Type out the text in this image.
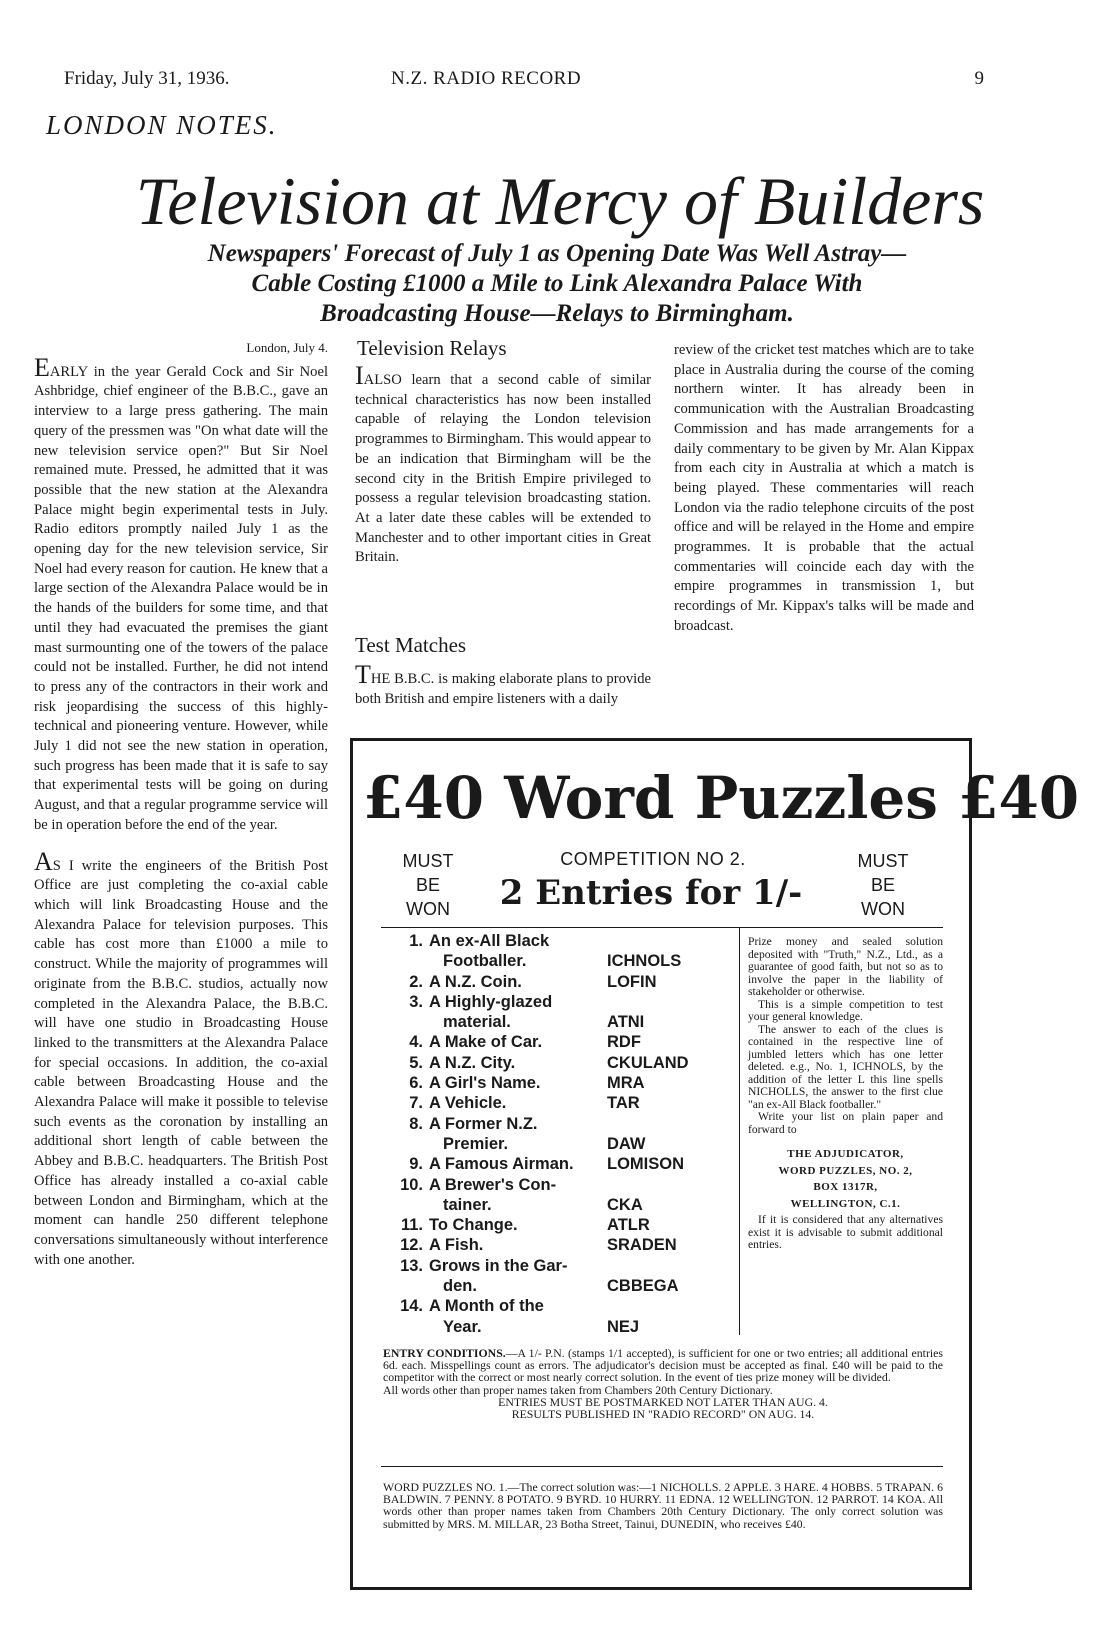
Friday, July 31, 1936.	N.Z. RADIO RECORD	9
LONDON NOTES.
Television at Mercy of Builders
Newspapers' Forecast of July 1 as Opening Date Was Well Astray—
Cable Costing £1000 a Mile to Link Alexandra Palace With
Broadcasting House—Relays to Birmingham.

London, July 4.

EARLY in the year Gerald Cock and Sir Noel Ashbridge, chief engineer of the B.B.C., gave an interview to a large press gathering. The main query of the pressmen was "On what date will the new television service open?" But Sir Noel remained mute. Pressed, he admitted that it was possible that the new station at the Alexandra Palace might begin experimental tests in July. Radio editors promptly nailed July 1 as the opening day for the new television service, Sir Noel had every reason for caution. He knew that a large section of the Alexandra Palace would be in the hands of the builders for some time, and that until they had evacuated the premises the giant mast surmounting one of the towers of the palace could not be installed. Further, he did not intend to press any of the contractors in their work and risk jeopardising the success of this highly-technical and pioneering venture. However, while July 1 did not see the new station in operation, such progress has been made that it is safe to say that experimental tests will be going on during August, and that a regular programme service will be in operation before the end of the year.

AS I write the engineers of the British Post Office are just completing the co-axial cable which will link Broadcasting House and the Alexandra Palace for television purposes. This cable has cost more than £1000 a mile to construct. While the majority of programmes will originate from the B.B.C. studios, actually now completed in the Alexandra Palace, the B.B.C. will have one studio in Broadcasting House linked to the transmitters at the Alexandra Palace for special occasions. In addition, the co-axial cable between Broadcasting House and the Alexandra Palace will make it possible to televise such events as the coronation by installing an additional short length of cable between the Abbey and B.B.C. headquarters. The British Post Office has already installed a co-axial cable between London and Birmingham, which at the moment can handle 250 different telephone conversations simultaneously without interference with one another.

Television Relays

IALSO learn that a second cable of similar technical characteristics has now been installed capable of relaying the London television programmes to Birmingham. This would appear to be an indication that Birmingham will be the second city in the British Empire privileged to possess a regular television broadcasting station. At a later date these cables will be extended to Manchester and to other important cities in Great Britain.

Test Matches

THE B.B.C. is making elaborate plans to provide both British and empire listeners with a daily

review of the cricket test matches which are to take place in Australia during the course of the coming northern winter. It has already been in communication with the Australian Broadcasting Commission and has made arrangements for a daily commentary to be given by Mr. Alan Kippax from each city in Australia at which a match is being played. These commentaries will reach London via the radio telephone circuits of the post office and will be relayed in the Home and empire programmes. It is probable that the actual commentaries will coincide each day with the empire programmes in transmission 1, but recordings of Mr. Kippax's talks will be made and broadcast.

£40 Word Puzzles £40
MUST
BE
WON
MUST
BE
WON
COMPETITION NO 2.
2 Entries for 1/-
1. An ex-All Black
Footballer.	ICHNOLS
2. A N.Z. Coin.	LOFIN
3. A Highly-glazed
material.	ATNI
4. A Make of Car.	RDF
5. A N.Z. City.	CKULAND
6. A Girl's Name.	MRA
7. A Vehicle.	TAR
8. A Former N.Z.
Premier.	DAW
9. A Famous Airman. LOMISON
10. A Brewer's Con-
tainer.	CKA
11. To Change.	ATLR
12. A Fish.	SRADEN
13. Grows in the Gar-
den.	CBBEGA
14. A Month of the
Year.	NEJ

Prize money and sealed solution deposited with "Truth," N.Z., Ltd., as a guarantee of good faith, but not so as to involve the paper in the liability of stakeholder or otherwise.

This is a simple competition to test your general knowledge.

The answer to each of the clues is contained in the respective line of jumbled letters which has one letter deleted. e.g., No. 1, ICHNOLS, by the addition of the letter L this line spells NICHOLLS, the answer to the first clue "an ex-All Black footballer."

Write your list on plain paper and forward to

THE ADJUDICATOR,

WORD PUZZLES, NO. 2,

BOX 1317R,

WELLINGTON, C.1.

If it is considered that any alternatives exist it is advisable to submit additional entries.

ENTRY CONDITIONS.—A 1/- P.N. (stamps 1/1 accepted), is sufficient for one or two entries; all additional entries 6d. each. Misspellings count as errors. The adjudicator's decision must be accepted as final. £40 will be paid to the competitor with the correct or most nearly correct solution. In the event of ties prize money will be divided.

All words other than proper names taken from Chambers 20th Century Dictionary.

ENTRIES MUST BE POSTMARKED NOT LATER THAN AUG. 4.

RESULTS PUBLISHED IN "RADIO RECORD" ON AUG. 14.

WORD PUZZLES NO. 1.—The correct solution was:—1 NICHOLLS. 2 APPLE. 3 HARE. 4 HOBBS. 5 TRAPAN. 6 BALDWIN. 7 PENNY. 8 POTATO. 9 BYRD. 10 HURRY. 11 EDNA. 12 WELLINGTON. 12 PARROT. 14 KOA. All words other than proper names taken from Chambers 20th Century Dictionary. The only correct solution was submitted by MRS. M. MILLAR, 23 Botha Street, Tainui, DUNEDIN, who receives £40.
